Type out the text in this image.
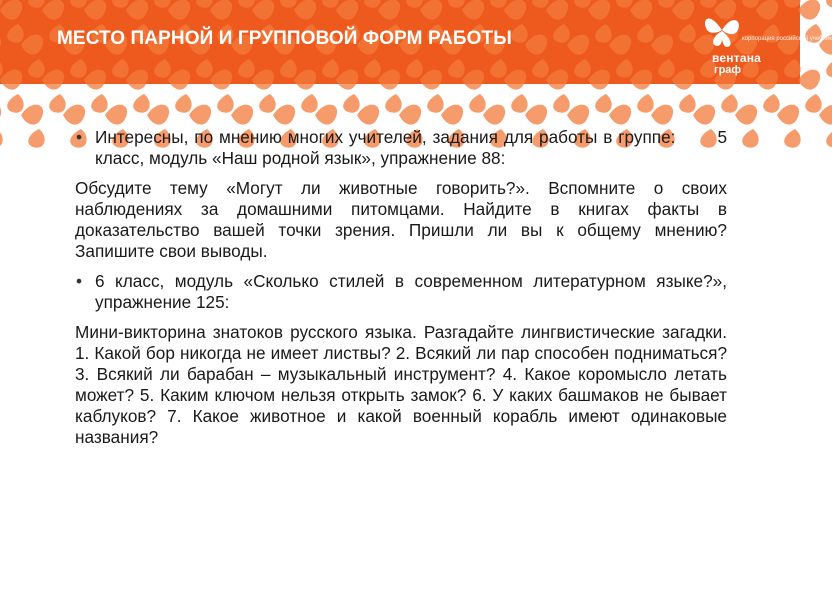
МЕСТО ПАРНОЙ И ГРУППОВОЙ ФОРМ РАБОТЫ	корпорация российский учебник
вентана
граф
• Интересны, по мнению многих учителей, задания для работы в группе: 5 класс, модуль «Наш родной язык», упражнение 88:
Обсудите тему «Могут ли животные говорить?». Вспомните о своих наблюдениях за домашними питомцами. Найдите в книгах факты в доказательство вашей точки зрения. Пришли ли вы к общему мнению? Запишите свои выводы.
• 6 класс, модуль «Сколько стилей в современном литературном языке?», упражнение 125:
Мини-викторина знатоков русского языка. Разгадайте лингвистические загадки. 1. Какой бор никогда не имеет листвы? 2. Всякий ли пар способен подниматься? 3. Всякий ли барабан – музыкальный инструмент? 4. Какое коромысло летать может? 5. Каким ключом нельзя открыть замок? 6. У каких башмаков не бывает каблуков? 7. Какое животное и какой военный корабль имеют одинаковые названия?
